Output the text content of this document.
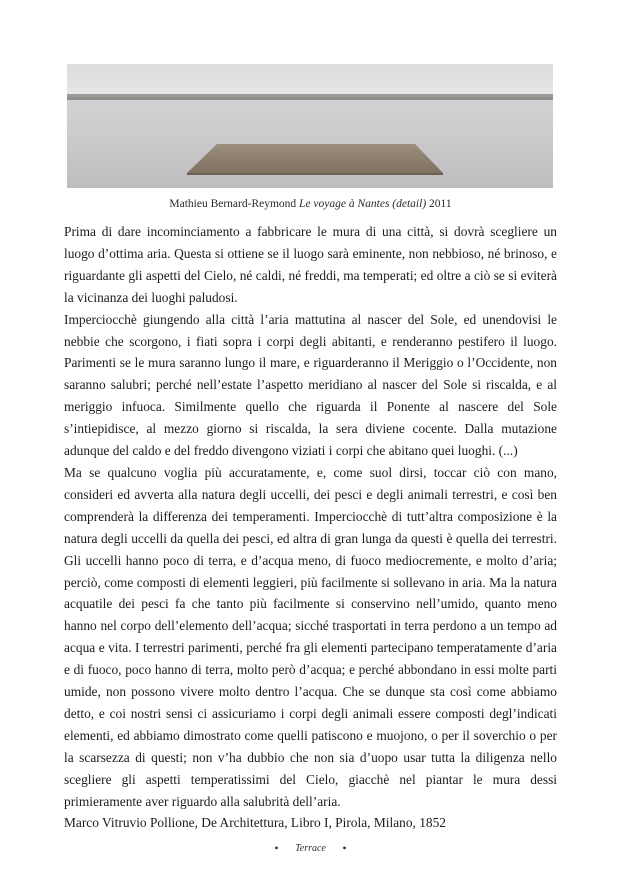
Mathieu Bernard-Reymond Le voyage à Nantes (detail) 2011

Prima di dare incominciamento a fabbricare le mura di una città, si dovrà scegliere un luogo d’ottima aria. Questa si ottiene se il luogo sarà eminente, non nebbioso, né brinoso, e riguardante gli aspetti del Cielo, né caldi, né freddi, ma temperati; ed oltre a ciò se si eviterà la vicinanza dei luoghi paludosi.

Imperciocchè giungendo alla città l’aria mattutina al nascer del Sole, ed unendovisi le nebbie che scorgono, i fiati sopra i corpi degli abitanti, e renderanno pestifero il luogo. Parimenti se le mura saranno lungo il mare, e riguarderanno il Meriggio o l’Occidente, non saranno salubri; perché nell’estate l’aspetto meridiano al nascer del Sole si riscalda, e al meriggio infuoca. Similmente quello che riguarda il Ponente al nascere del Sole s’intiepidisce, al mezzo giorno si riscalda, la sera diviene cocente. Dalla mutazione adunque del caldo e del freddo divengono viziati i corpi che abitano quei luoghi. (...)

Ma se qualcuno voglia più accuratamente, e, come suol dirsi, toccar ciò con mano, consideri ed avverta alla natura degli uccelli, dei pesci e degli animali terrestri, e così ben comprenderà la differenza dei temperamenti. Imperciocchè di tutt’altra composizione è la natura degli uccelli da quella dei pesci, ed altra di gran lunga da questi è quella dei terrestri. Gli uccelli hanno poco di terra, e d’acqua meno, di fuoco mediocremente, e molto d’aria; perciò, come composti di elementi leggieri, più facilmente si sollevano in aria. Ma la natura acquatile dei pesci fa che tanto più facilmente si conservino nell’umido, quanto meno hanno nel corpo dell’elemento dell’acqua; sicché trasportati in terra perdono a un tempo ad acqua e vita. I terrestri parimenti, perché fra gli elementi partecipano temperatamente d’aria e di fuoco, poco hanno di terra, molto però d’acqua; e perché abbondano in essi molte parti umide, non possono vivere molto dentro l’acqua. Che se dunque sta così come abbiamo detto, e coi nostri sensi ci assicuriamo i corpi degli animali essere composti degl’indicati elementi, ed abbiamo dimostrato come quelli patiscono e muojono, o per il soverchio o per la scarsezza di questi; non v’ha dubbio che non sia d’uopo usar tutta la diligenza nello scegliere gli aspetti temperatissimi del Cielo, giacchè nel piantar le mura dessi primieramente aver riguardo alla salubrità dell’aria.

Marco Vitruvio Pollione, De Architettura, Libro I, Pirola, Milano, 1852

• Terrace •
